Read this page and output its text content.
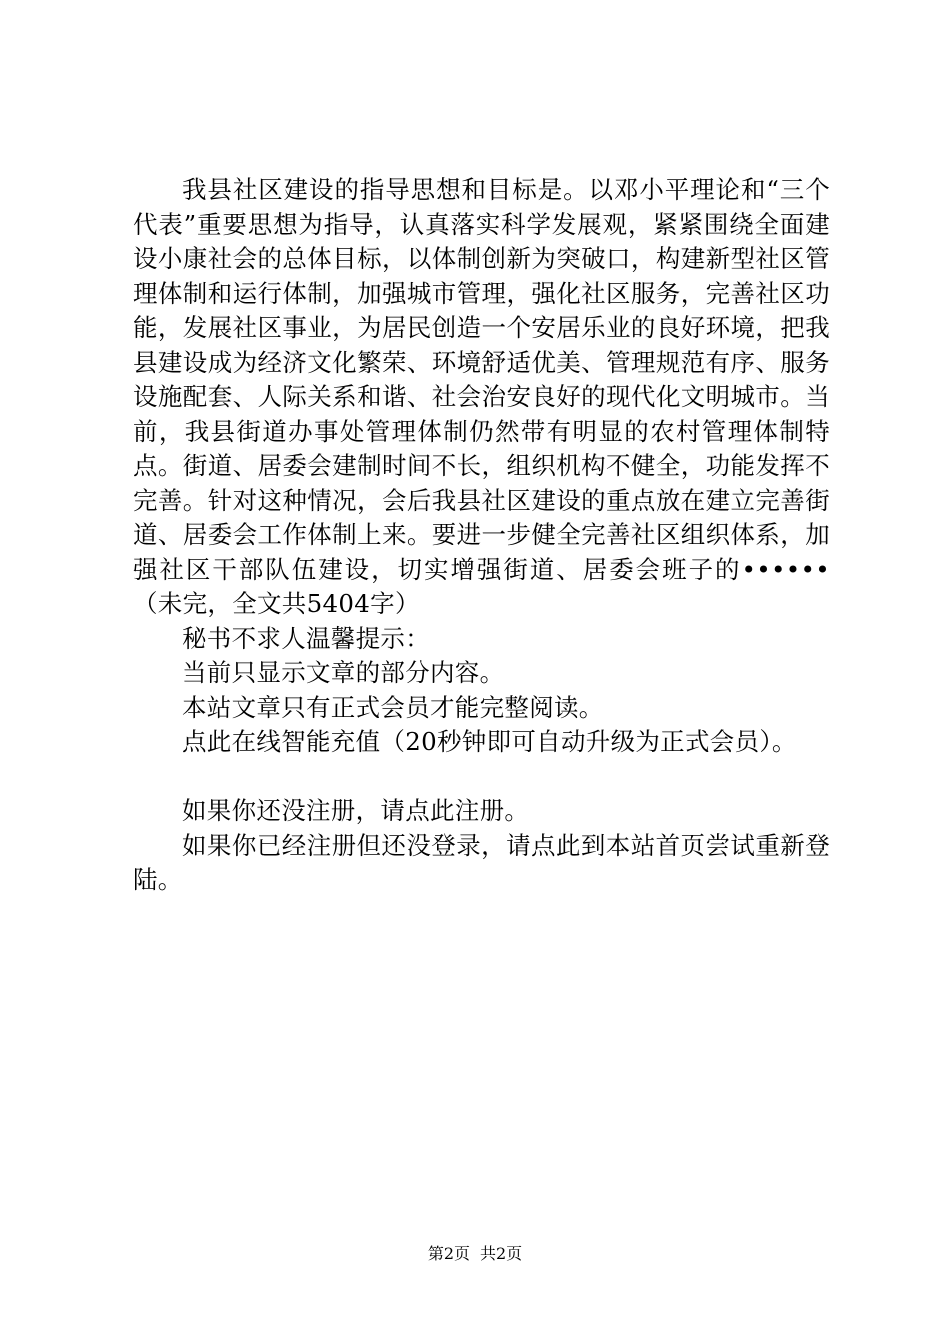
我县社区建设的指导思想和目标是。以邓小平理论和“三个代表”重要思想为指导，认真落实科学发展观，紧紧围绕全面建设小康社会的总体目标，以体制创新为突破口，构建新型社区管理体制和运行体制，加强城市管理，强化社区服务，完善社区功能，发展社区事业，为居民创造一个安居乐业的良好环境，把我县建设成为经济文化繁荣、环境舒适优美、管理规范有序、服务设施配套、人际关系和谐、社会治安良好的现代化文明城市。当前，我县街道办事处管理体制仍然带有明显的农村管理体制特点。街道、居委会建制时间不长，组织机构不健全，功能发挥不完善。针对这种情况，会后我县社区建设的重点放在建立完善街道、居委会工作体制上来。要进一步健全完善社区组织体系，加强社区干部队伍建设，切实增强街道、居委会班子的••••••（未完，全文共5404字）

秘书不求人温馨提示：

当前只显示文章的部分内容。

本站文章只有正式会员才能完整阅读。

点此在线智能充值（20秒钟即可自动升级为正式会员）。

如果你还没注册，请点此注册。

如果你已经注册但还没登录，请点此到本站首页尝试重新登陆。

第2页 共2页
